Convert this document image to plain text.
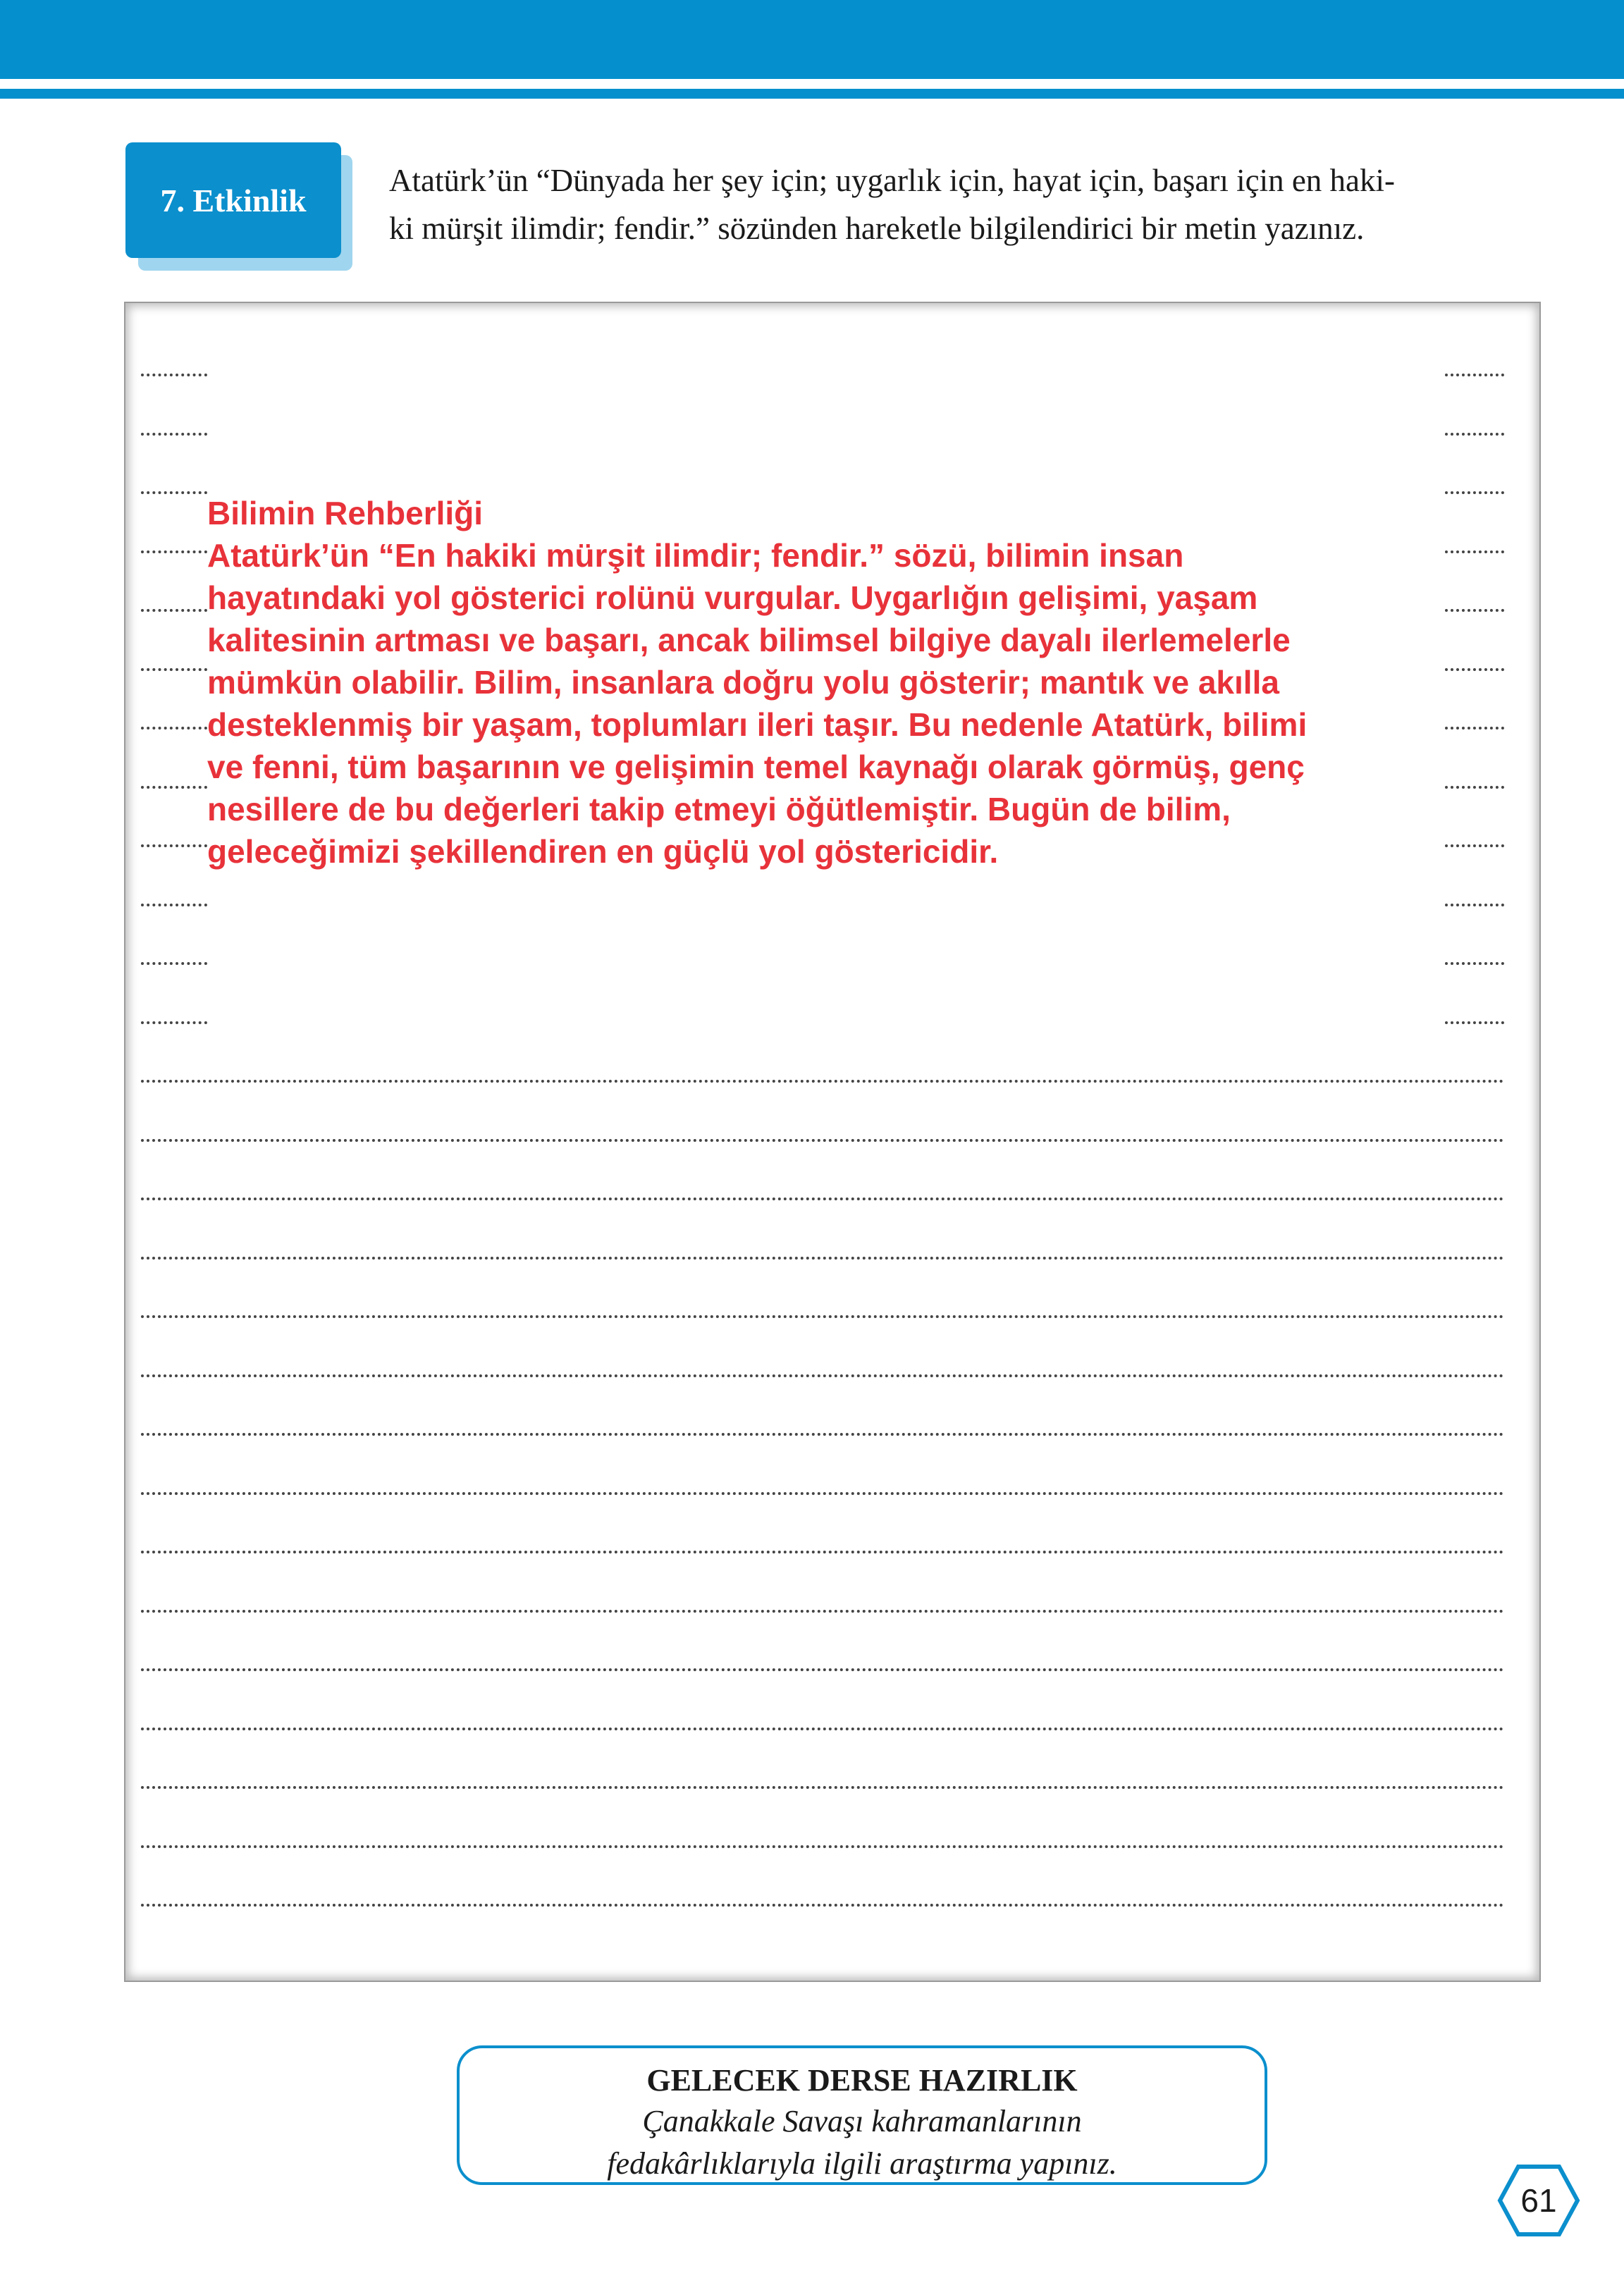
7. Etkinlik
Atatürk’ün “Dünyada her şey için; uygarlık için, hayat için, başarı için en haki-
ki mürşit ilimdir; fendir.” sözünden hareketle bilgilendirici bir metin yazınız.
Bilimin Rehberliği
Atatürk’ün “En hakiki mürşit ilimdir; fendir.” sözü, bilimin insan
hayatındaki yol gösterici rolünü vurgular. Uygarlığın gelişimi, yaşam
kalitesinin artması ve başarı, ancak bilimsel bilgiye dayalı ilerlemelerle
mümkün olabilir. Bilim, insanlara doğru yolu gösterir; mantık ve akılla
desteklenmiş bir yaşam, toplumları ileri taşır. Bu nedenle Atatürk, bilimi
ve fenni, tüm başarının ve gelişimin temel kaynağı olarak görmüş, genç
nesillere de bu değerleri takip etmeyi öğütlemiştir. Bugün de bilim,
geleceğimizi şekillendiren en güçlü yol göstericidir.
GELECEK DERSE HAZIRLIK
Çanakkale Savaşı kahramanlarının
fedakârlıklarıyla ilgili araştırma yapınız.
61
